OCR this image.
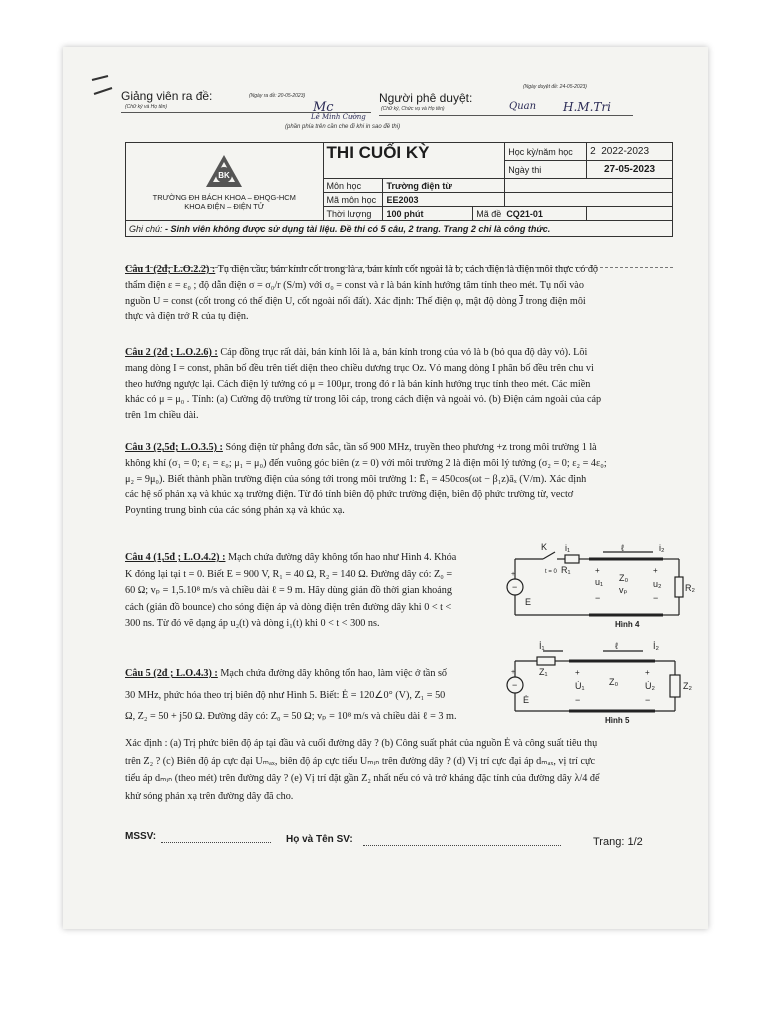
Giảng viên ra đề:
(Chữ ký và Họ tên)
(Ngày ra đề: 20-05-2023)
Mc
Lê Minh Cường
Người phê duyệt:
(Chữ ký, Chức vụ và Họ tên)
(Ngày duyệt đề: 24-05-2023)
Quan H.M.Tri
(phần phía trên cần che đi khi in sao đề thi)
BK

TRƯỜNG ĐH BÁCH KHOA – ĐHQG-HCM
KHOA ĐIỆN – ĐIỆN TỬ	THI CUỐI KỲ			Học kỳ/năm học	2 2022-2023
				Ngày thi	27-05-2023
	Môn học	Trường điện từ			
	Mã môn học	EE2003			
	Thời lượng	100 phút	Mã đề CQ21-01		
Ghi chú: - Sinh viên không được sử dụng tài liệu. Đề thi có 5 câu, 2 trang. Trang 2 chỉ là công thức.					

Câu 1 (2đ; L.O.2.2) : Tụ điện cầu, bán kính cốt trong là a, bán kính cốt ngoài là b, cách điện là điện môi thực có độ

thẩm điện ε = ε₀ ; độ dẫn điện σ = σ₀/r (S/m) với σ₀ = const và r là bán kính hướng tâm tính theo mét. Tụ nối vào

nguồn U = const (cốt trong có thế điện U, cốt ngoài nối đất). Xác định: Thế điện φ, mật độ dòng $\overline{J}$ trong điện môi

thực và điện trở R của tụ điện.

Câu 2 (2đ ; L.O.2.6) : Cáp đồng trục rất dài, bán kính lõi là a, bán kính trong của vỏ là b (bỏ qua độ dày vỏ). Lõi

mang dòng I = const, phân bố đều trên tiết diện theo chiều dương trục Oz. Vỏ mang dòng I phân bố đều trên chu vi

theo hướng ngược lại. Cách điện lý tưởng có μ = 100μr, trong đó r là bán kính hướng trục tính theo mét. Các miền

khác có μ = μ₀ . Tính: (a) Cường độ trường từ trong lõi cáp, trong cách điện và ngoài vỏ. (b) Điện cảm ngoài của cáp

trên 1m chiều dài.

Câu 3 (2,5đ; L.O.3.5) : Sóng điện từ phẳng đơn sắc, tần số 900 MHz, truyền theo phương +z trong môi trường 1 là

không khí (σ₁ = 0; ε₁ = ε₀; μ₁ = μ₀) đến vuông góc biên (z = 0) với môi trường 2 là điện môi lý tưởng (σ₂ = 0; ε₂ = 4ε₀;

μ₂ = 9μ₀). Biết thành phần trường điện của sóng tới trong môi trường 1: Ē₁ = 450cos(ωt − β₁z)āₓ (V/m). Xác định

các hệ số phản xạ và khúc xạ trường điện. Từ đó tính biên độ phức trường điện, biên độ phức trường từ, vectơ

Poynting trung bình của các sóng phản xạ và khúc xạ.

Câu 4 (1,5đ ; L.O.4.2) : Mạch chứa đường dây không tổn hao như Hình 4. Khóa

K đóng lại tại t = 0. Biết E = 900 V, R₁ = 40 Ω, R₂ = 140 Ω. Đường dây có: Z₀ =

60 Ω; vₚ = 1,5.10⁸ m/s và chiều dài ℓ = 9 m. Hãy dùng giản đồ thời gian khoảng

cách (giản đồ bounce) cho sóng điện áp và dòng điện trên đường dây khi 0 < t <

300 ns. Từ đó vẽ dạng áp u₂(t) và dòng i₁(t) khi 0 < t < 300 ns.

K i₁	ℓ	i₂
R₁
t = 0
+
−
E
+
u₁
−
Z₀
vₚ
+
u₂
−
R₂
Hình 4

Câu 5 (2đ ; L.O.4.3) : Mạch chứa đường dây không tổn hao, làm việc ở tần số

30 MHz, phức hóa theo trị biên độ như Hình 5. Biết: Ė = 120∠0° (V), Z₁ = 50

Ω, Z₂ = 50 + j50 Ω. Đường dây có: Z₀ = 50 Ω; vₚ = 10⁸ m/s và chiều dài ℓ = 3 m.

Xác định : (a) Trị phức biên độ áp tại đầu và cuối đường dây ? (b) Công suất phát của nguồn Ė và công suất tiêu thụ

trên Z₂ ? (c) Biên độ áp cực đại Uₘₐₓ, biên độ áp cực tiểu Uₘᵢₙ trên đường dây ? (d) Vị trí cực đại áp dₘₐₓ, vị trí cực

tiểu áp dₘᵢₙ (theo mét) trên đường dây ? (e) Vị trí đặt gần Z₂ nhất nếu có và trở kháng đặc tính của đường dây λ/4 để

khử sóng phản xạ trên đường dây đã cho.

İ₁	ℓ	İ₂
Z₁
+
−
Ė
+
U̇₁
−
Z₀
+
U̇₂
−
Z₂
Hình 5
MSSV:	Họ và Tên SV:	Trang: 1/2
